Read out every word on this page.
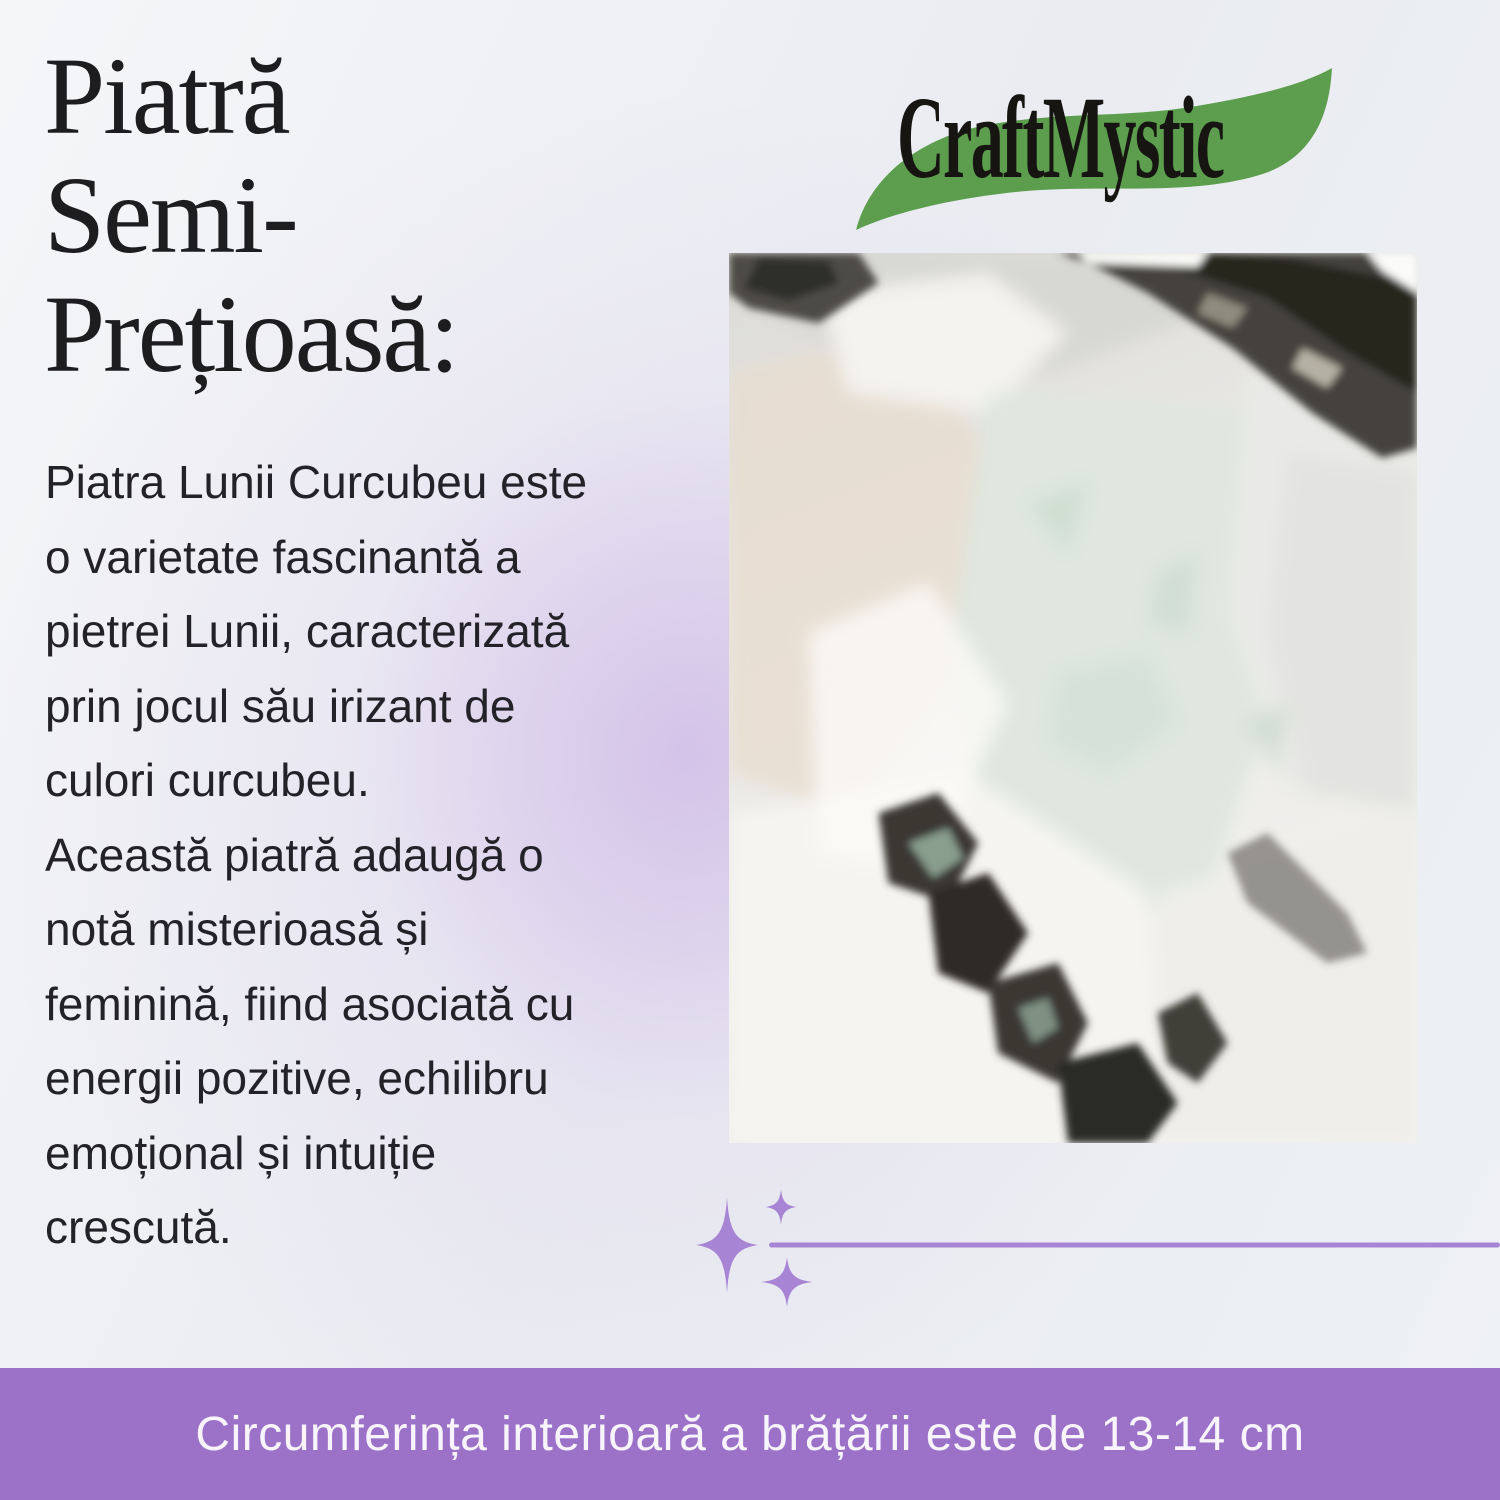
Piatră
Semi-
Prețioasă:
CraftMystic

Piatra Lunii Curcubeu este o varietate fascinantă a pietrei Lunii, caracterizată prin jocul său irizant de culori curcubeu.

Această piatră adaugă o notă misterioasă și feminină, fiind asociată cu energii pozitive, echilibru emoțional și intuiție crescută.

Circumferința interioară a brățării este de 13-14 cm
